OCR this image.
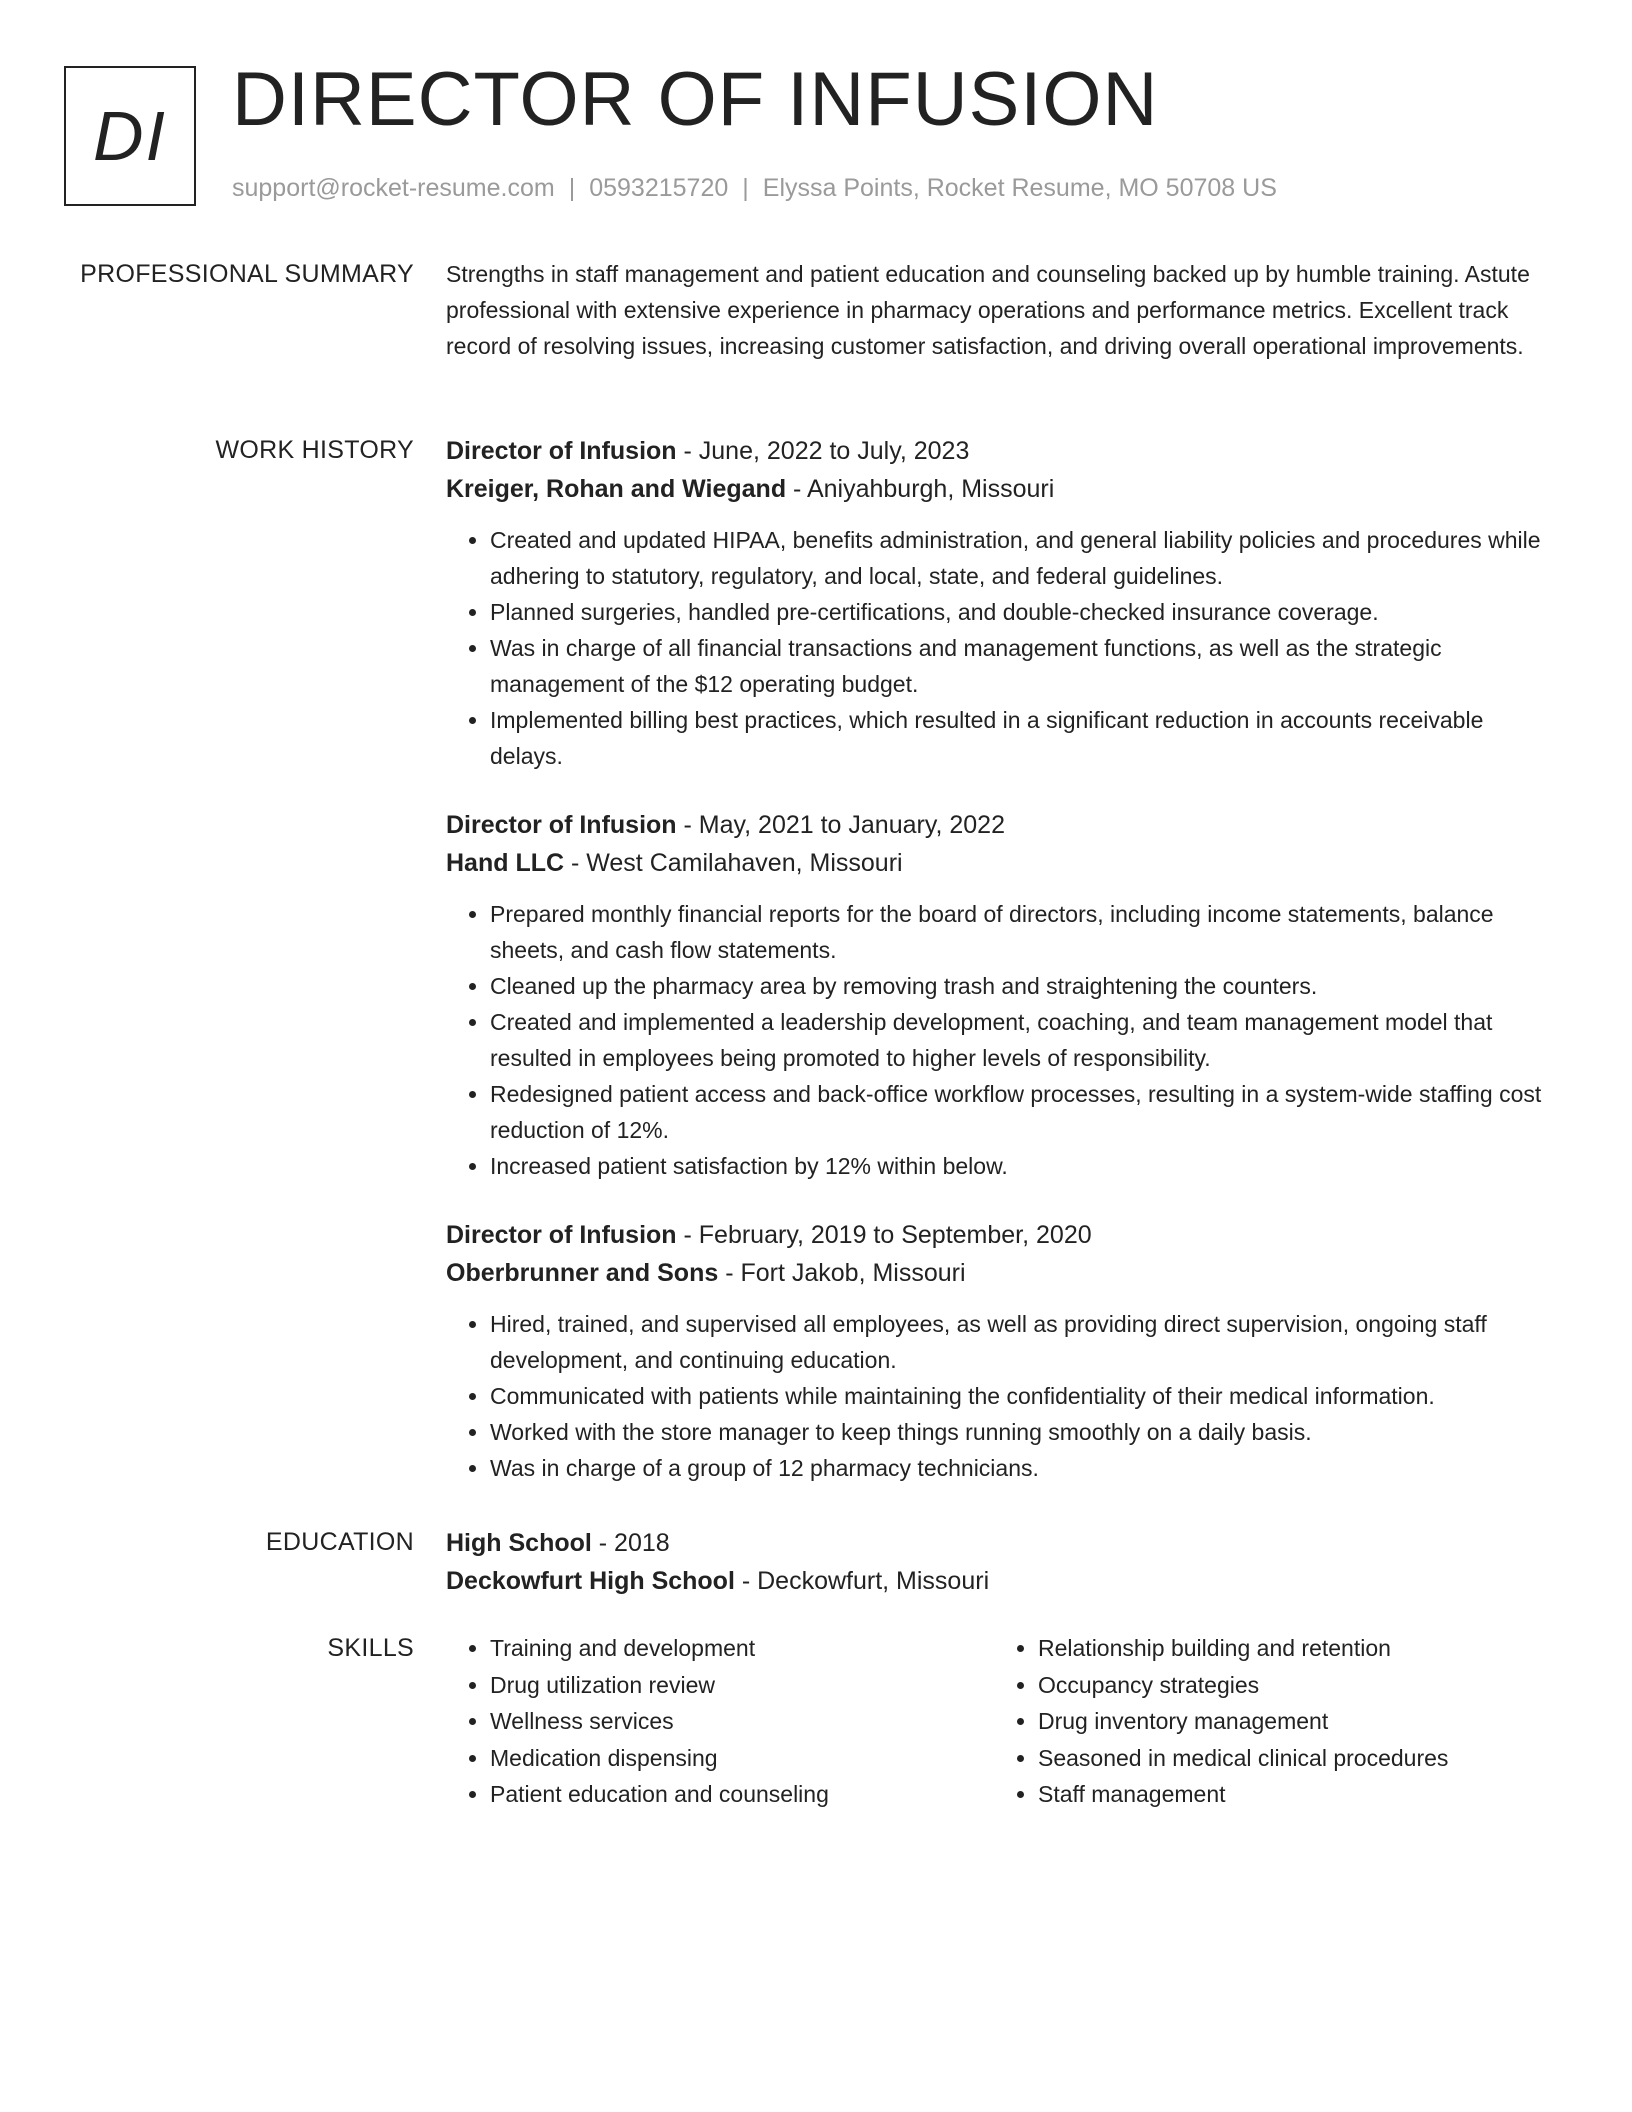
DI DIRECTOR OF INFUSION
support@rocket-resume.com | 0593215720 | Elyssa Points, Rocket Resume, MO 50708 US
PROFESSIONAL SUMMARY Strengths in staff management and patient education and counseling backed up by humble training. Astute professional with extensive experience in pharmacy operations and performance metrics. Excellent track record of resolving issues, increasing customer satisfaction, and driving overall operational improvements.

WORK HISTORY Director of Infusion - June, 2022 to July, 2023
Kreiger, Rohan and Wiegand - Aniyahburgh, Missouri
• Created and updated HIPAA, benefits administration, and general liability policies and procedures while adhering to statutory, regulatory, and local, state, and federal guidelines.
• Planned surgeries, handled pre-certifications, and double-checked insurance coverage.
• Was in charge of all financial transactions and management functions, as well as the strategic management of the $12 operating budget.
• Implemented billing best practices, which resulted in a significant reduction in accounts receivable delays.
Director of Infusion - May, 2021 to January, 2022
Hand LLC - West Camilahaven, Missouri
• Prepared monthly financial reports for the board of directors, including income statements, balance sheets, and cash flow statements.
• Cleaned up the pharmacy area by removing trash and straightening the counters.
• Created and implemented a leadership development, coaching, and team management model that resulted in employees being promoted to higher levels of responsibility.
• Redesigned patient access and back-office workflow processes, resulting in a system-wide staffing cost reduction of 12%.
• Increased patient satisfaction by 12% within below.
Director of Infusion - February, 2019 to September, 2020
Oberbrunner and Sons - Fort Jakob, Missouri
• Hired, trained, and supervised all employees, as well as providing direct supervision, ongoing staff development, and continuing education.
• Communicated with patients while maintaining the confidentiality of their medical information.
• Worked with the store manager to keep things running smoothly on a daily basis.
• Was in charge of a group of 12 pharmacy technicians.
EDUCATION High School - 2018
Deckowfurt High School - Deckowfurt, Missouri
SKILLS
•	Training and development
• Drug utilization review
• Wellness services
• Medication dispensing
• Patient education and counseling
• Relationship building and retention
• Occupancy strategies
• Drug inventory management
• Seasoned in medical clinical procedures
• Staff management
